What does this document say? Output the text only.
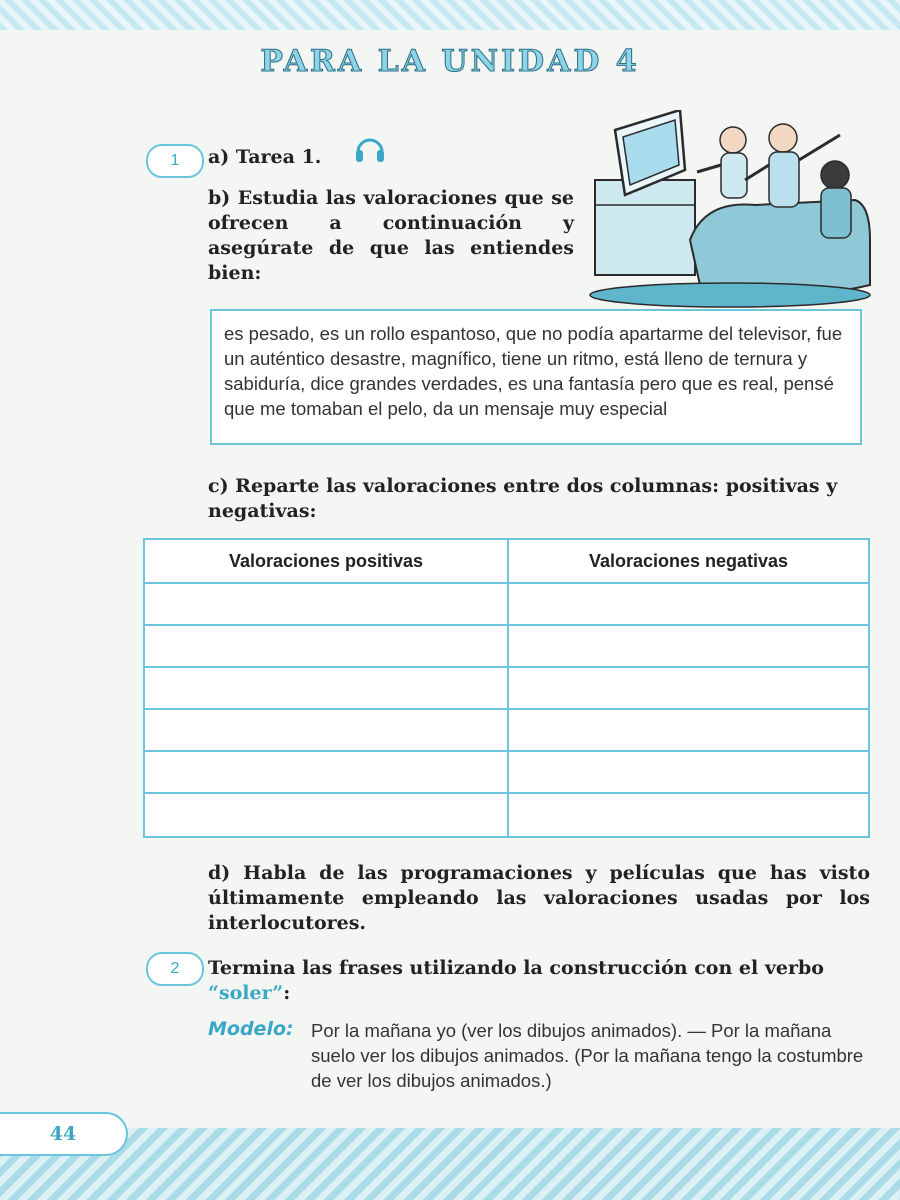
PARA LA UNIDAD 4
1	a) Tarea 1.
b) Estudia las valoraciones que se ofrecen a continuación y asegúrate de que las entiendes bien:
es pesado, es un rollo espantoso, que no podía apartarme del televisor, fue un auténtico desastre, magnífico, tiene un ritmo, está lleno de ternura y sabiduría, dice grandes verdades, es una fantasía pero que es real, pensé que me tomaban el pelo, da un mensaje muy especial
c) Reparte las valoraciones entre dos columnas: positivas y negativas:
Valoraciones positivas	Valoraciones negativas
d) Habla de las programaciones y películas que has visto últimamente empleando las valoraciones usadas por los interlocutores.
2	Termina las frases utilizando la construcción con el verbo “soler”:
Modelo: Por la mañana yo (ver los dibujos animados). — Por la mañana suelo ver los dibujos animados. (Por la mañana tengo la costumbre de ver los dibujos animados.)
44
